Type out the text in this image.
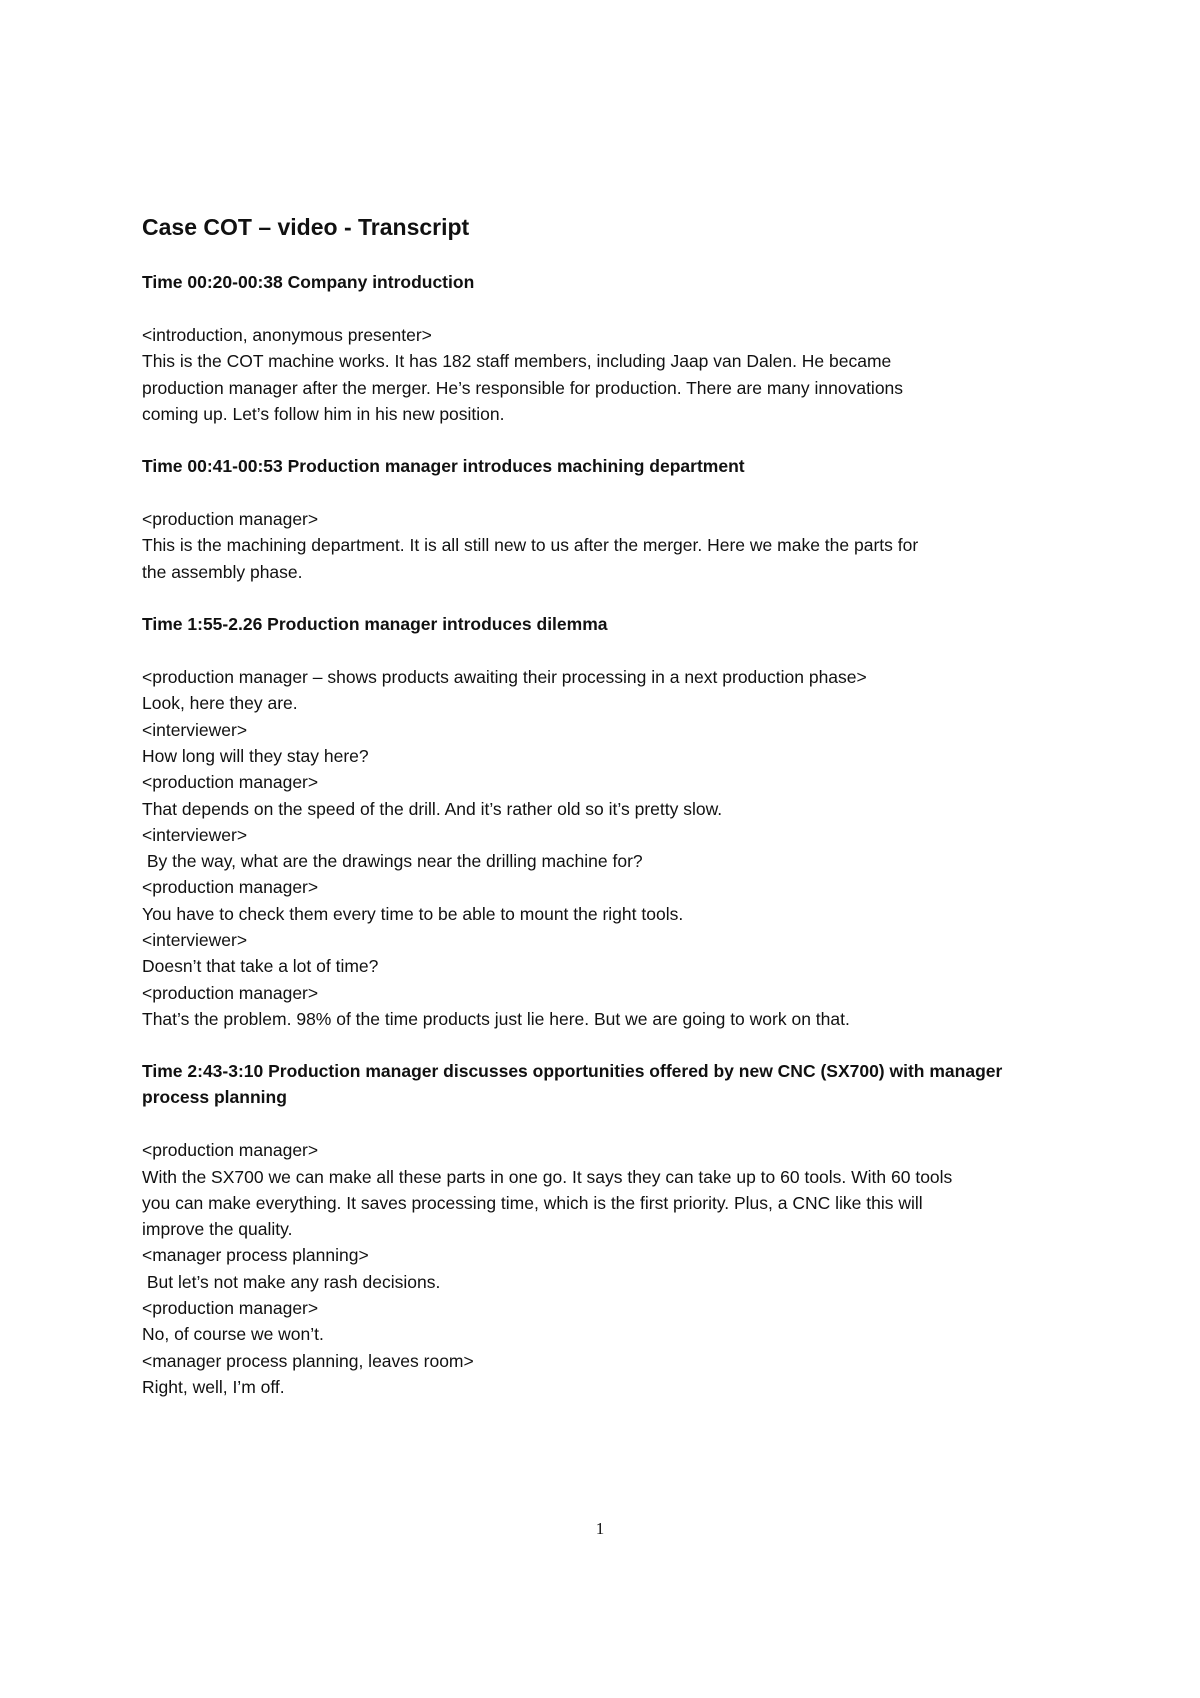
Case COT – video - Transcript
Time 00:20-00:38 Company introduction
<introduction, anonymous presenter>
This is the COT machine works. It has 182 staff members, including Jaap van Dalen. He became
production manager after the merger. He’s responsible for production. There are many innovations
coming up. Let’s follow him in his new position.
Time 00:41-00:53 Production manager introduces machining department
<production manager>
This is the machining department. It is all still new to us after the merger. Here we make the parts for
the assembly phase.
Time 1:55-2.26 Production manager introduces dilemma
<production manager – shows products awaiting their processing in a next production phase>
Look, here they are.
<interviewer>
How long will they stay here?
<production manager>
That depends on the speed of the drill. And it’s rather old so it’s pretty slow.
<interviewer>
By the way, what are the drawings near the drilling machine for?
<production manager>
You have to check them every time to be able to mount the right tools.
<interviewer>
Doesn’t that take a lot of time?
<production manager>
That’s the problem. 98% of the time products just lie here. But we are going to work on that.
Time 2:43-3:10 Production manager discusses opportunities offered by new CNC (SX700) with manager process planning
<production manager>
With the SX700 we can make all these parts in one go. It says they can take up to 60 tools. With 60 tools
you can make everything. It saves processing time, which is the first priority. Plus, a CNC like this will
improve the quality.
<manager process planning>
But let’s not make any rash decisions.
<production manager>
No, of course we won’t.
<manager process planning, leaves room>
Right, well, I’m off.
1
